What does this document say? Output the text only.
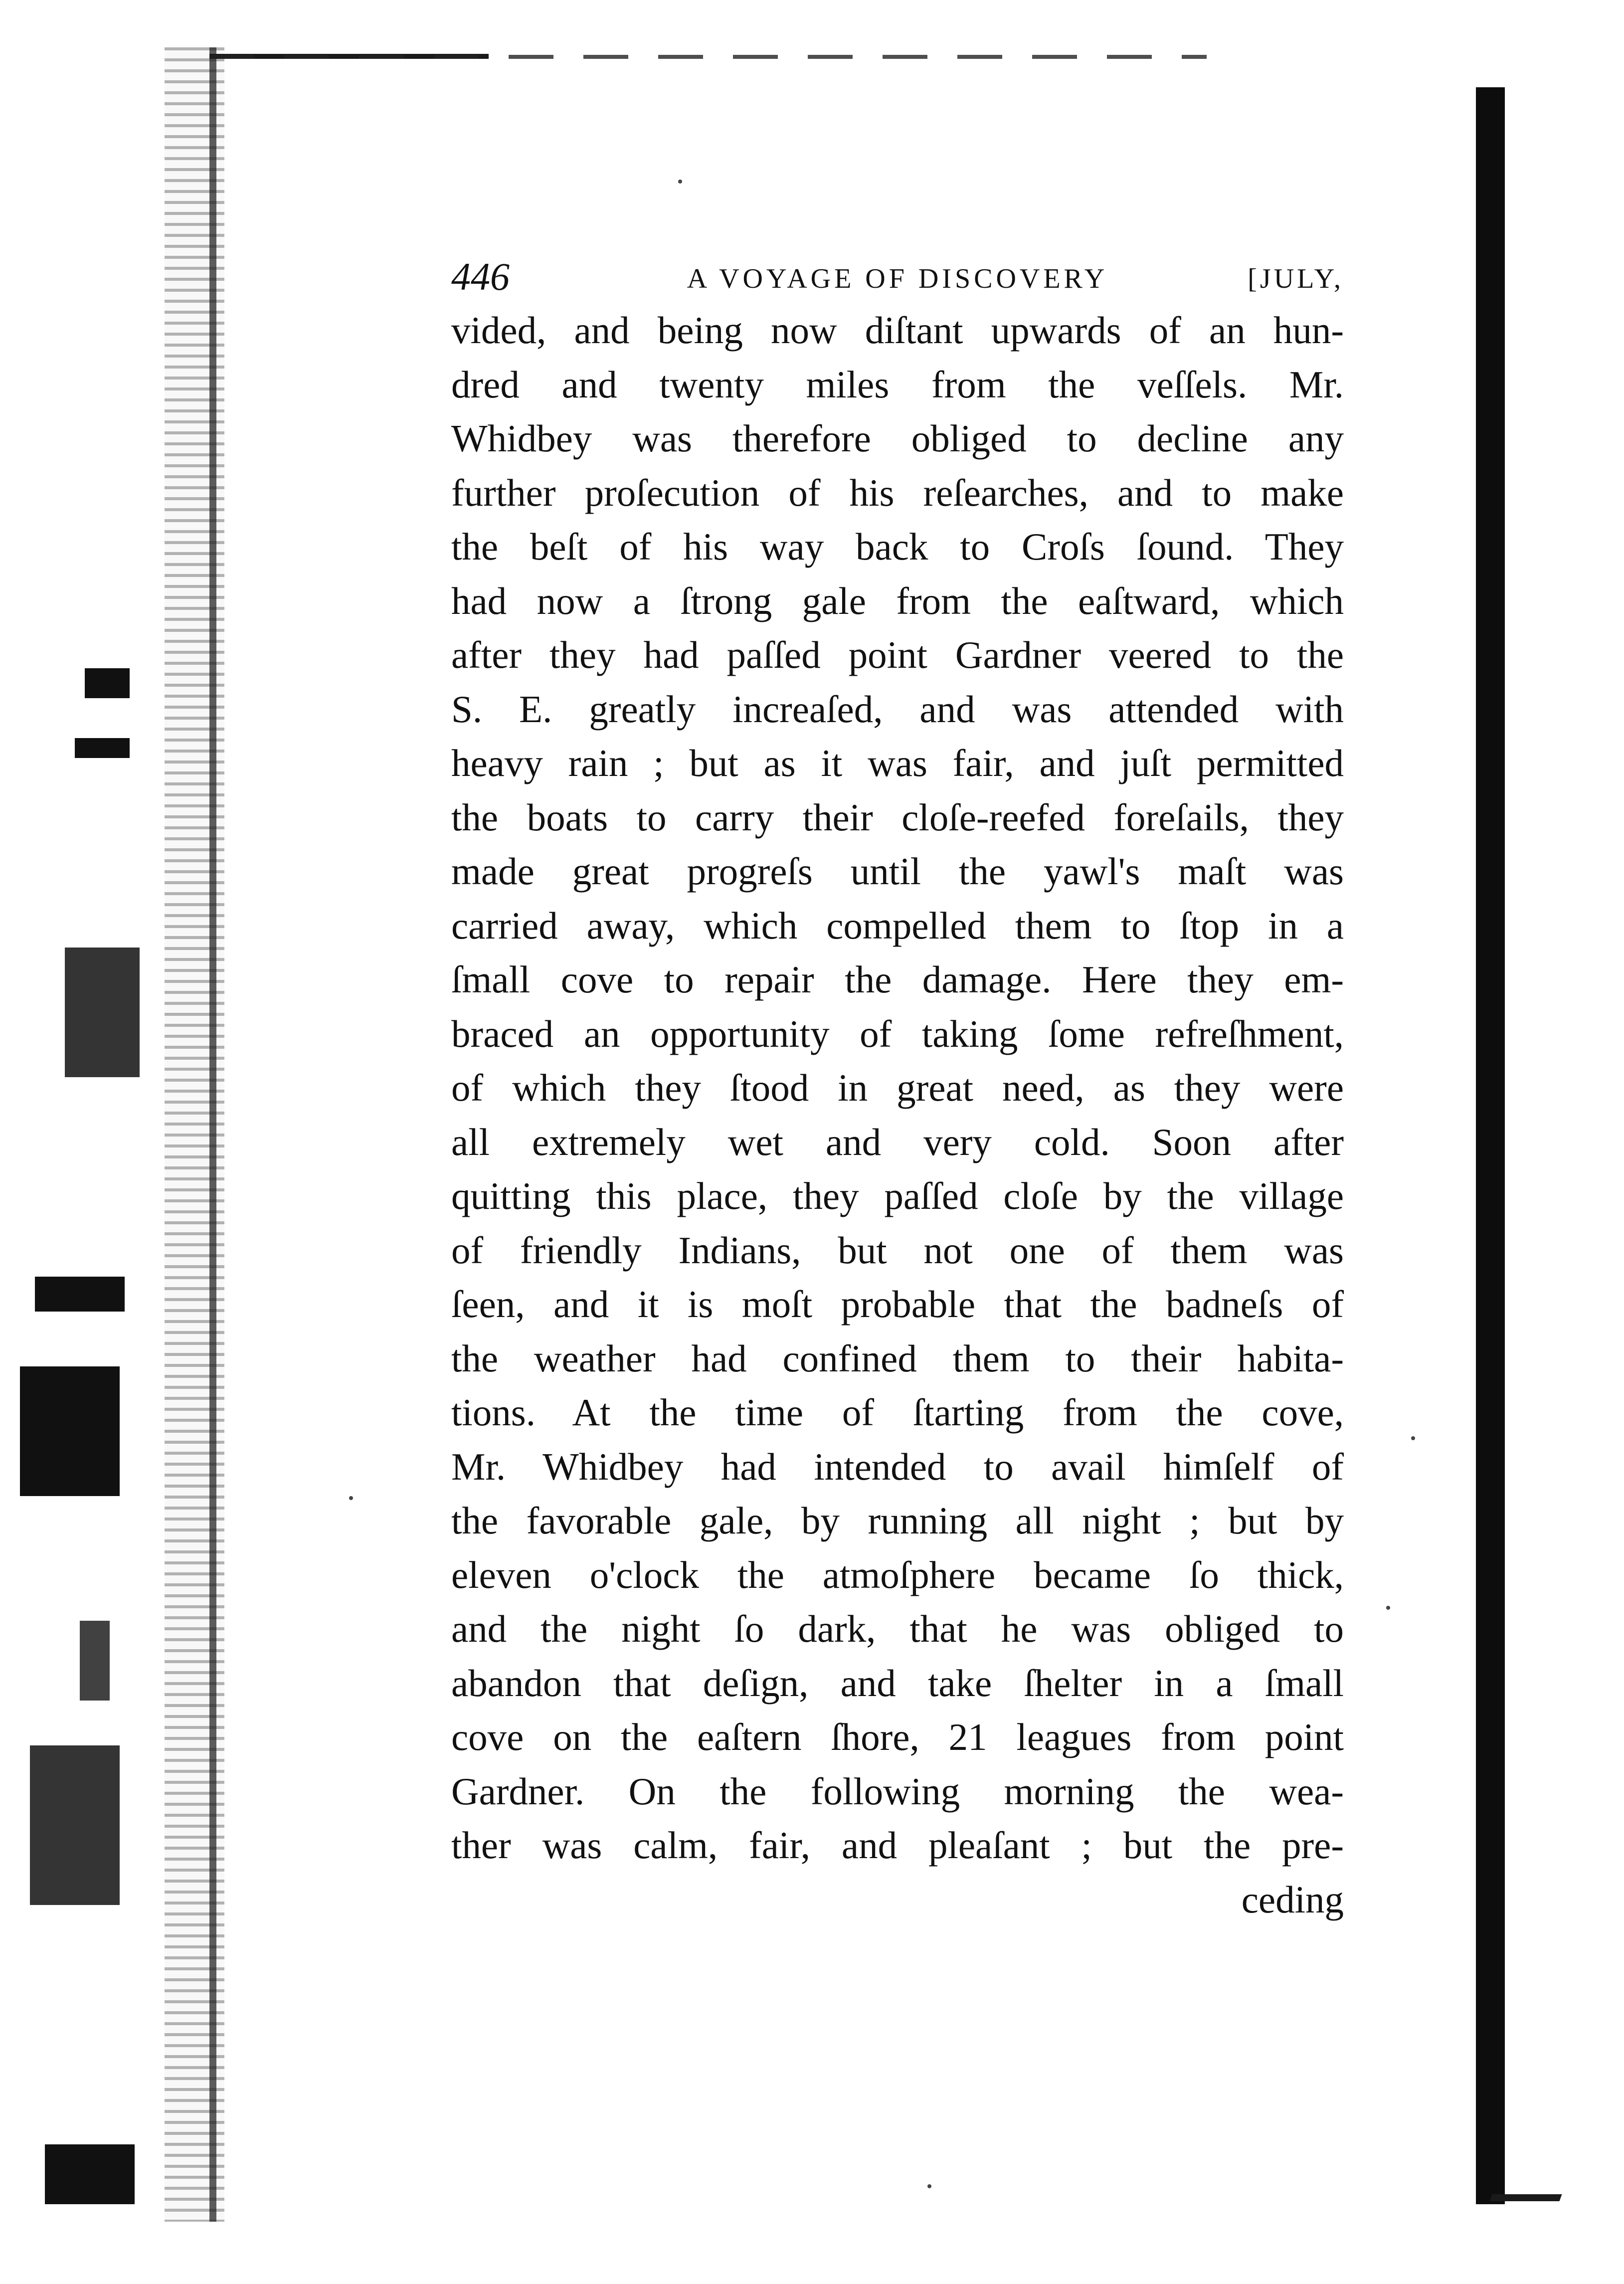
446	A VOYAGE OF DISCOVERY	[JULY,
vided, and being now diſtant upwards of an hun-
dred and twenty miles from the veſſels. Mr.
Whidbey was therefore obliged to decline any
further proſecution of his reſearches, and to make
the beſt of his way back to Croſs ſound. They
had now a ſtrong gale from the eaſtward, which
after they had paſſed point Gardner veered to the
S. E. greatly increaſed, and was attended with
heavy rain ; but as it was fair, and juſt permitted
the boats to carry their cloſe-reefed foreſails, they
made great progreſs until the yawl's maſt was
carried away, which compelled them to ſtop in a
ſmall cove to repair the damage. Here they em-
braced an opportunity of taking ſome refreſhment,
of which they ſtood in great need, as they were
all extremely wet and very cold. Soon after
quitting this place, they paſſed cloſe by the village
of friendly Indians, but not one of them was
ſeen, and it is moſt probable that the badneſs of
the weather had confined them to their habita-
tions. At the time of ſtarting from the cove,
Mr. Whidbey had intended to avail himſelf of
the favorable gale, by running all night ; but by
eleven o'clock the atmoſphere became ſo thick,
and the night ſo dark, that he was obliged to
abandon that deſign, and take ſhelter in a ſmall
cove on the eaſtern ſhore, 21 leagues from point
Gardner. On the following morning the wea-
ther was calm, fair, and pleaſant ; but the pre-
ceding
